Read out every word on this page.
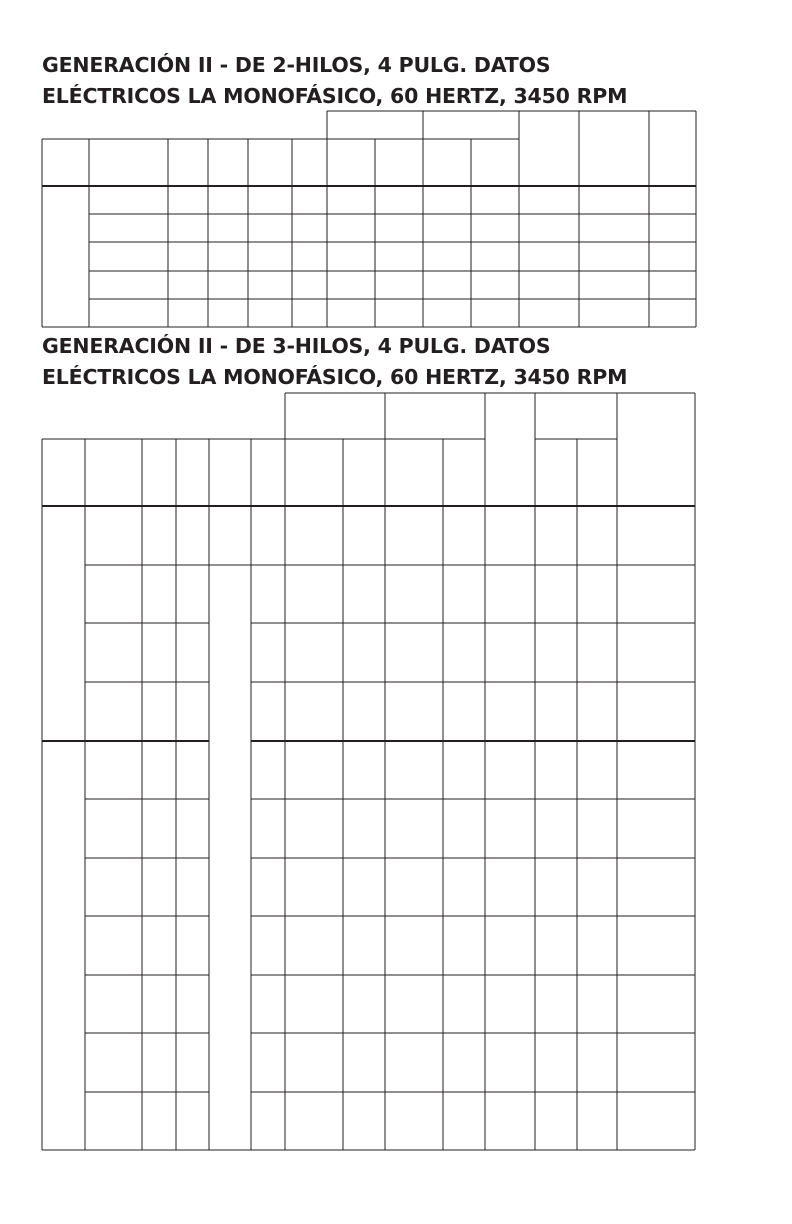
GENERACIÓN II - DE 2-HILOS, 4 PULG. DATOS
ELÉCTRICOS LA MONOFÁSICO, 60 HERTZ, 3450 RPM
GENERACIÓN II - DE 3-HILOS, 4 PULG. DATOS
ELÉCTRICOS LA MONOFÁSICO, 60 HERTZ, 3450 RPM
